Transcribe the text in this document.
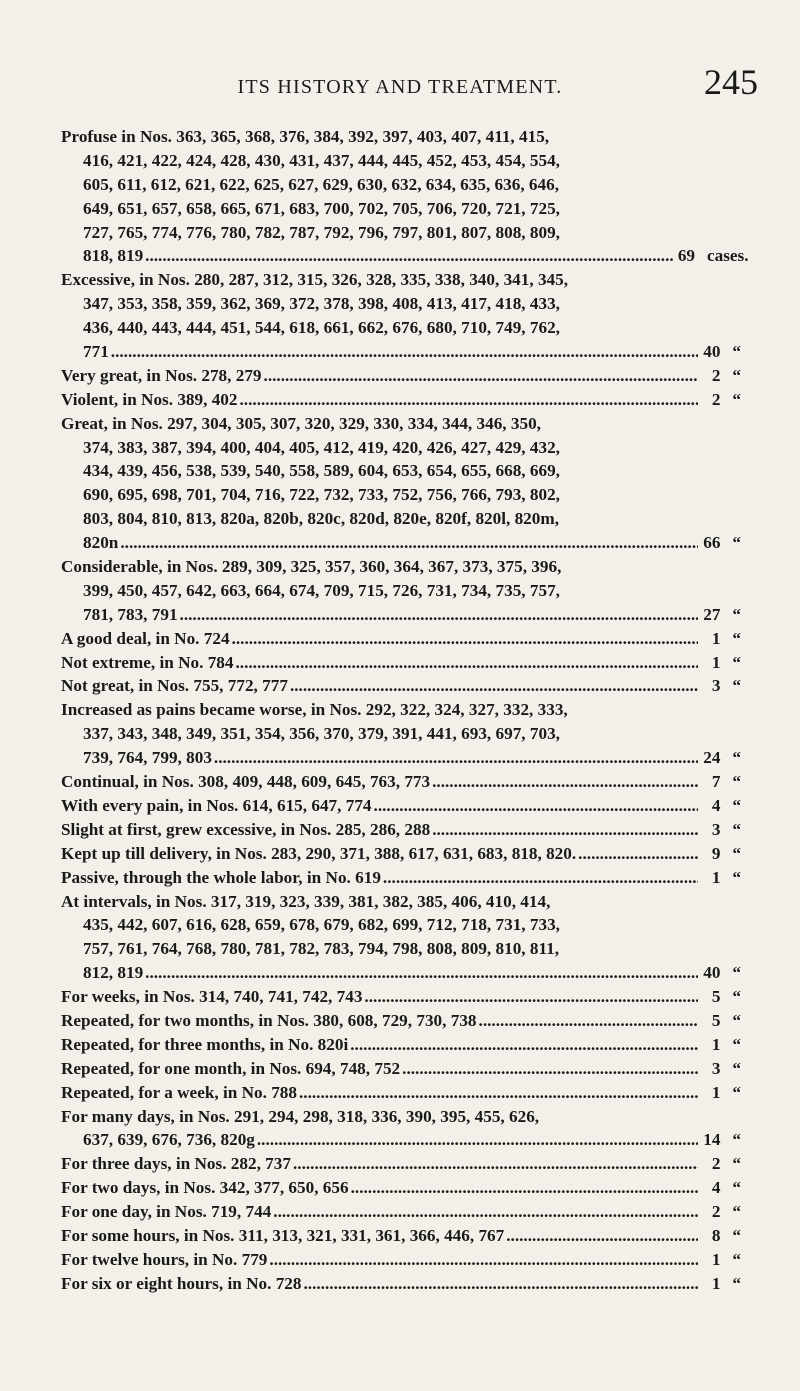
ITS HISTORY AND TREATMENT.	245
Profuse in Nos. 363, 365, 368, 376, 384, 392, 397, 403, 407, 411, 415,
416, 421, 422, 424, 428, 430, 431, 437, 444, 445, 452, 453, 454, 554,
605, 611, 612, 621, 622, 625, 627, 629, 630, 632, 634, 635, 636, 646,
649, 651, 657, 658, 665, 671, 683, 700, 702, 705, 706, 720, 721, 725,
727, 765, 774, 776, 780, 782, 787, 792, 796, 797, 801, 807, 808, 809,
818, 819 .....	69 cases.
Excessive, in Nos. 280, 287, 312, 315, 326, 328, 335, 338, 340, 341, 345,
347, 353, 358, 359, 362, 369, 372, 378, 398, 408, 413, 417, 418, 433,
436, 440, 443, 444, 451, 544, 618, 661, 662, 676, 680, 710, 749, 762,
771 .....	40 “
Very great, in Nos. 278, 279 .....	2 “
Violent, in Nos. 389, 402 .....	2 “
Great, in Nos. 297, 304, 305, 307, 320, 329, 330, 334, 344, 346, 350,
374, 383, 387, 394, 400, 404, 405, 412, 419, 420, 426, 427, 429, 432,
434, 439, 456, 538, 539, 540, 558, 589, 604, 653, 654, 655, 668, 669,
690, 695, 698, 701, 704, 716, 722, 732, 733, 752, 756, 766, 793, 802,
803, 804, 810, 813, 820a, 820b, 820c, 820d, 820e, 820f, 820l, 820m,
820n .....	66 “
Considerable, in Nos. 289, 309, 325, 357, 360, 364, 367, 373, 375, 396,
399, 450, 457, 642, 663, 664, 674, 709, 715, 726, 731, 734, 735, 757,
781, 783, 791 .....	27 “
A good deal, in No. 724 .....	1 “
Not extreme, in No. 784 .....	1 “
Not great, in Nos. 755, 772, 777 .....	3 “
Increased as pains became worse, in Nos. 292, 322, 324, 327, 332, 333,
337, 343, 348, 349, 351, 354, 356, 370, 379, 391, 441, 693, 697, 703,
739, 764, 799, 803 .....	24 “
Continual, in Nos. 308, 409, 448, 609, 645, 763, 773 .....	7 “
With every pain, in Nos. 614, 615, 647, 774 .....	4 “
Slight at first, grew excessive, in Nos. 285, 286, 288 .....	3 “
Kept up till delivery, in Nos. 283, 290, 371, 388, 617, 631, 683, 818, 820. .....	9 “
Passive, through the whole labor, in No. 619 .....	1 “
At intervals, in Nos. 317, 319, 323, 339, 381, 382, 385, 406, 410, 414,
435, 442, 607, 616, 628, 659, 678, 679, 682, 699, 712, 718, 731, 733,
757, 761, 764, 768, 780, 781, 782, 783, 794, 798, 808, 809, 810, 811,
812, 819 .....	40 “
For weeks, in Nos. 314, 740, 741, 742, 743 .....	5 “
Repeated, for two months, in Nos. 380, 608, 729, 730, 738 .....	5 “
Repeated, for three months, in No. 820i .....	1 “
Repeated, for one month, in Nos. 694, 748, 752 .....	3 “
Repeated, for a week, in No. 788 .....	1 “
For many days, in Nos. 291, 294, 298, 318, 336, 390, 395, 455, 626,
637, 639, 676, 736, 820g .....	14 “
For three days, in Nos. 282, 737 .....	2 “
For two days, in Nos. 342, 377, 650, 656 .....	4 “
For one day, in Nos. 719, 744 .....	2 “
For some hours, in Nos. 311, 313, 321, 331, 361, 366, 446, 767 .....	8 “
For twelve hours, in No. 779 .....	1 “
For six or eight hours, in No. 728 .....	1 “
